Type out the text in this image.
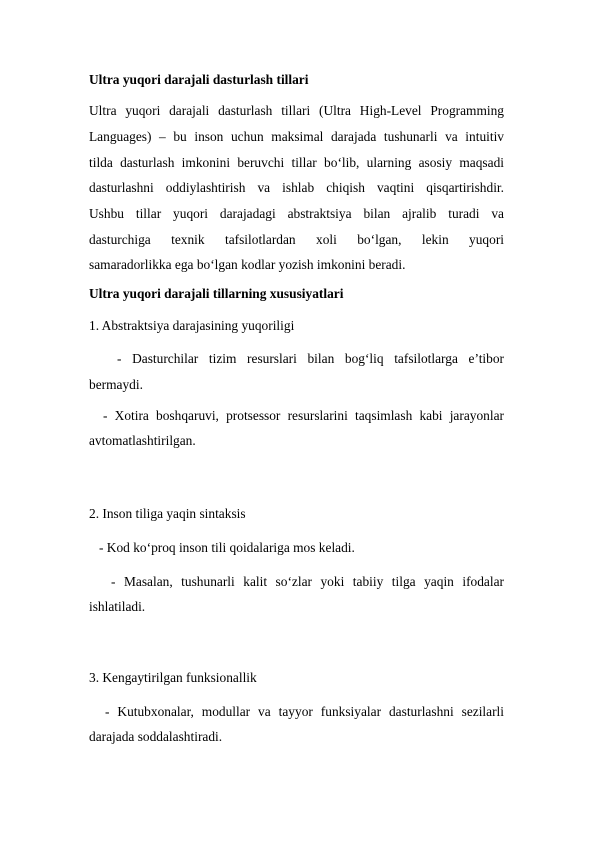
Ultra yuqori darajali dasturlash tillari
Ultra yuqori darajali dasturlash tillari (Ultra High-Level Programming
Languages) – bu inson uchun maksimal darajada tushunarli va intuitiv
tilda dasturlash imkonini beruvchi tillar bo‘lib, ularning asosiy maqsadi
dasturlashni oddiylashtirish va ishlab chiqish vaqtini qisqartirishdir.
Ushbu tillar yuqori darajadagi abstraktsiya bilan ajralib turadi va
dasturchiga texnik tafsilotlardan xoli bo‘lgan, lekin yuqori
samaradorlikka ega bo‘lgan kodlar yozish imkonini beradi.
Ultra yuqori darajali tillarning xususiyatlari
1. Abstraktsiya darajasining yuqoriligi
- Dasturchilar tizim resurslari bilan bog‘liq tafsilotlarga e’tibor
bermaydi.
- Xotira boshqaruvi, protsessor resurslarini taqsimlash kabi jarayonlar
avtomatlashtirilgan.
2. Inson tiliga yaqin sintaksis
- Kod ko‘proq inson tili qoidalariga mos keladi.
- Masalan, tushunarli kalit so‘zlar yoki tabiiy tilga yaqin ifodalar
ishlatiladi.
3. Kengaytirilgan funksionallik
- Kutubxonalar, modullar va tayyor funksiyalar dasturlashni sezilarli
darajada soddalashtiradi.
